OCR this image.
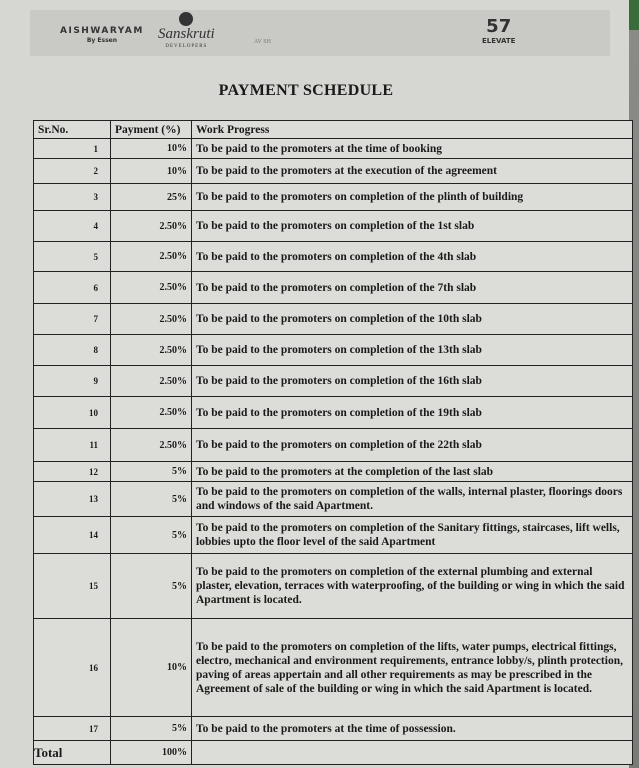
AISHWARYAM
By Essen	Sanskruti
DEVELOPERS
AV SH
57
ELEVATE
PAYMENT SCHEDULE
Sr.No.	Payment (%)	Work Progress
1	10%	To be paid to the promoters at the time of booking
2	10%	To be paid to the promoters at the execution of the agreement
3	25%	To be paid to the promoters on completion of the plinth of building
4	2.50%	To be paid to the promoters on completion of the 1st slab
5	2.50%	To be paid to the promoters on completion of the 4th slab
6	2.50%	To be paid to the promoters on completion of the 7th slab
7	2.50%	To be paid to the promoters on completion of the 10th slab
8	2.50%	To be paid to the promoters on completion of the 13th slab
9	2.50%	To be paid to the promoters on completion of the 16th slab
10	2.50%	To be paid to the promoters on completion of the 19th slab
11	2.50%	To be paid to the promoters on completion of the 22th slab
12	5%	To be paid to the promoters at the completion of the last slab
13	5%	To be paid to the promoters on completion of the walls, internal plaster, floorings doors and windows of the said Apartment.
14	5%	To be paid to the promoters on completion of the Sanitary fittings, staircases, lift wells, lobbies upto the floor level of the said Apartment
15	5%	To be paid to the promoters on completion of the external plumbing and external plaster, elevation, terraces with waterproofing, of the building or wing in which the said Apartment is located.
16	10%	To be paid to the promoters on completion of the lifts, water pumps, electrical fittings, electro, mechanical and environment requirements, entrance lobby/s, plinth protection, paving of areas appertain and all other requirements as may be prescribed in the Agreement of sale of the building or wing in which the said Apartment is located.
17	5%	To be paid to the promoters at the time of possession.
Total	100%	
